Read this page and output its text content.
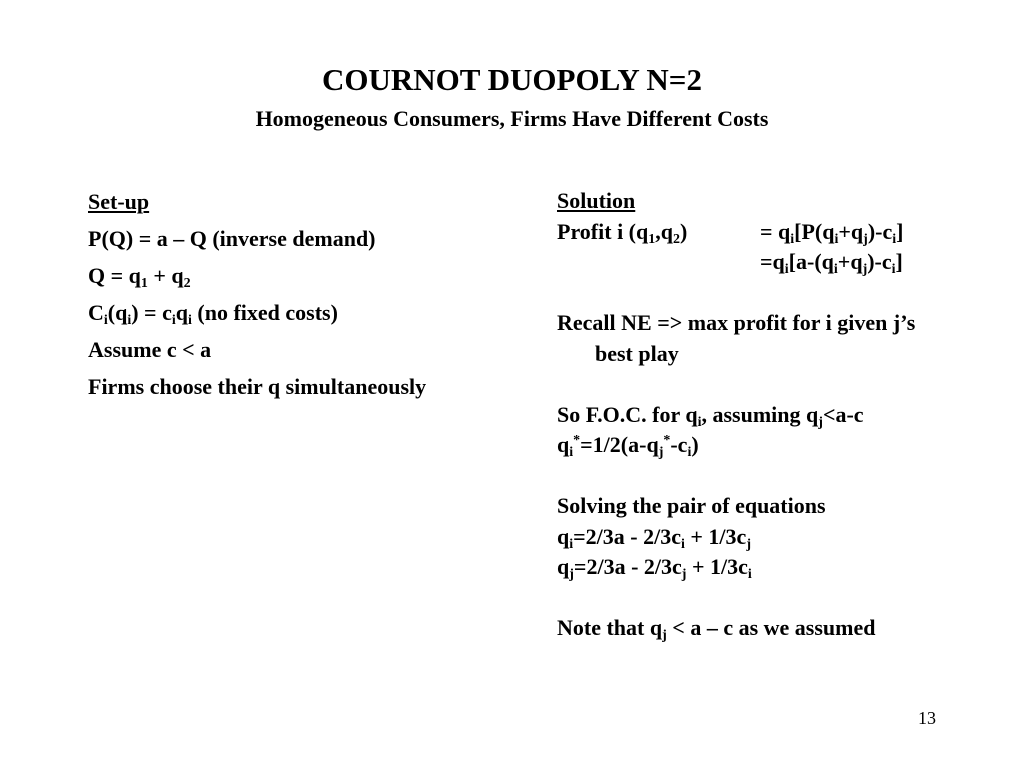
COURNOT DUOPOLY N=2
Homogeneous Consumers, Firms Have Different Costs
Set-up
P(Q) = a – Q (inverse demand)
$Q = q_1 + q_2$
$C_i(q_i) = c_iq_i$ (no fixed costs)
Assume c < a
Firms choose their q simultaneously
Solution
Profit i $(q_1,q_2)$	= $q_i[P(q_i+q_j)-c_i]$
$=q_i[a-(q_i+q_j)-c_i]$
Recall NE => max profit for i given j’s
best play
So F.O.C. for $q_i$, assuming $q_j<a-c$
$q_i^*=1/2(a-q_j^*-c_i)$
Solving the pair of equations
$q_i=2/3a - 2/3c_i + 1/3c_j$
$q_j=2/3a - 2/3c_j + 1/3c_i$
Note that $q_j < a - c$ as we assumed
13
